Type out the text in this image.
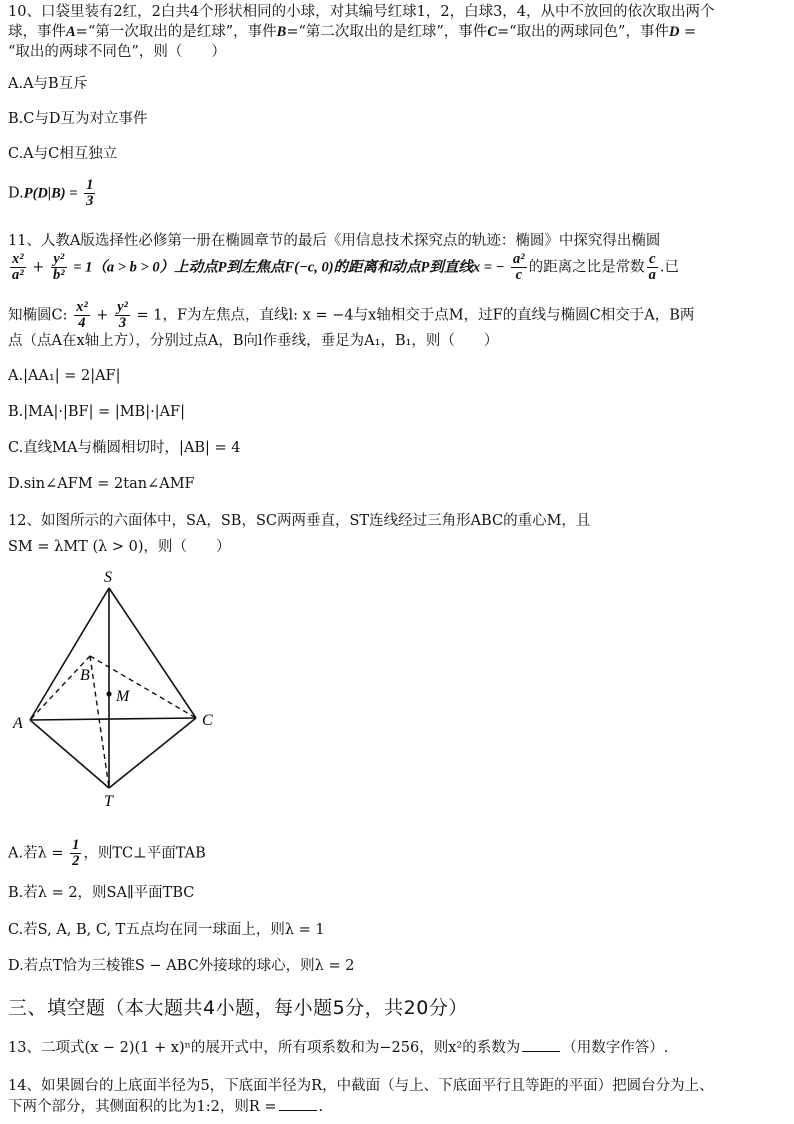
10、口袋里装有2红，2白共4个形状相同的小球，对其编号红球1，2，白球3，4，从中不放回的依次取出两个
球，事件A=“第一次取出的是红球”，事件B=“第二次取出的是红球”，事件C=“取出的两球同色”，事件D =
“取出的两球不同色”，则（　　）
A.A与B互斥
B.C与D互为对立事件
C.A与C相互独立
$D.P(D|B) = \frac{1}{3}$
11、人教A版选择性必修第一册在椭圆章节的最后《用信息技术探究点的轨迹：椭圆》中探究得出椭圆
$\frac{\text{x²}}{\text{a²}} + \frac{\text{y²}}{\text{b²}} = 1(a > b > 0)$上动点P到左焦点F(−c, 0)的距离和动点P到直线x = − $\frac{\text{a²}}{c}$ 的距离之比是常数 $\frac{c}{a}$ .已
知椭圆C: $\frac{\text{x²}}{4} + \frac{\text{y²}}{3} = 1$，F为左焦点，直线l: x = −4与x轴相交于点M，过F的直线与椭圆C相交于A，B两
点（点A在x轴上方），分别过点A，B向l作垂线，垂足为A₁，B₁，则（　　）
A.|AA₁| = 2|AF|
B.|MA|·|BF| = |MB|·|AF|
C.直线MA与椭圆相切时，|AB| = 4
D.sin∠AFM = 2tan∠AMF
12、如图所示的六面体中，SA，SB，SC两两垂直，ST连线经过三角形ABC的重心M，且
SM = λMT (λ > 0)，则（　　）
S
B
M
A	C
T
A.若$\lambda = \frac{1}{2}$ ，则TC⊥平面TAB
B.若λ = 2，则SA∥平面TBC
C.若S, A, B, C, T五点均在同一球面上，则λ = 1
D.若点T恰为三棱锥S − ABC外接球的球心，则λ = 2
三、填空题（本大题共4小题，每小题5分，共20分）
13、二项式(x − 2)(1 + x)ⁿ的展开式中，所有项系数和为−256，则x²的系数为	（用数字作答）.
14、如果圆台的上底面半径为5，下底面半径为R，中截面（与上、下底面平行且等距的平面）把圆台分为上、
下两个部分，其侧面积的比为1:2，则R =	.
